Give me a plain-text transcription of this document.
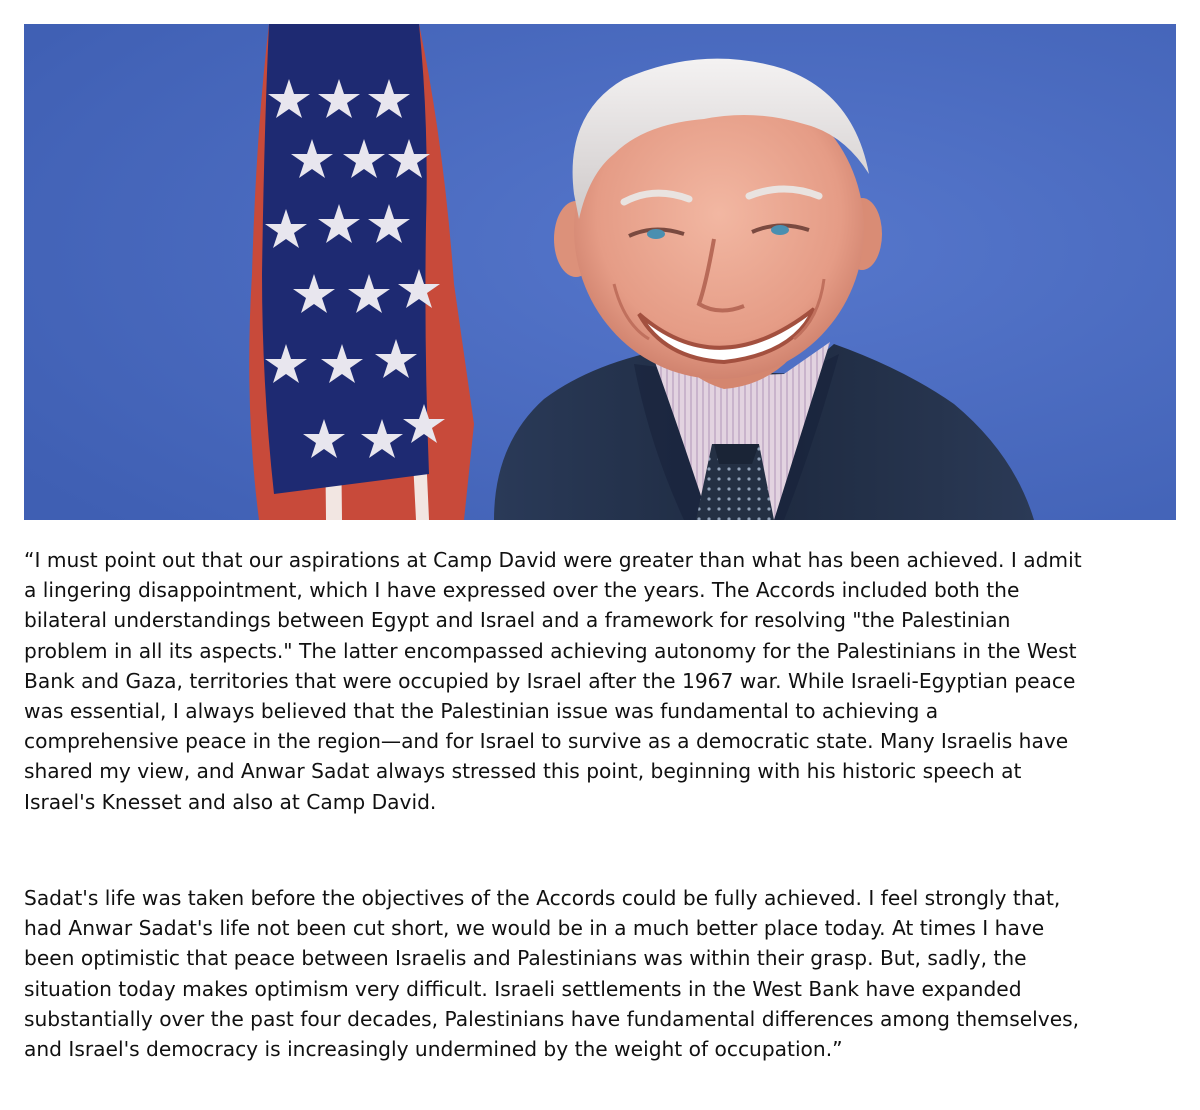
“I must point out that our aspirations at Camp David were greater than what has been achieved. I admit
a lingering disappointment, which I have expressed over the years. The Accords included both the
bilateral understandings between Egypt and Israel and a framework for resolving "the Palestinian
problem in all its aspects." The latter encompassed achieving autonomy for the Palestinians in the West
Bank and Gaza, territories that were occupied by Israel after the 1967 war. While Israeli-Egyptian peace
was essential, I always believed that the Palestinian issue was fundamental to achieving a
comprehensive peace in the region—and for Israel to survive as a democratic state. Many Israelis have
shared my view, and Anwar Sadat always stressed this point, beginning with his historic speech at
Israel's Knesset and also at Camp David.

Sadat's life was taken before the objectives of the Accords could be fully achieved. I feel strongly that,
had Anwar Sadat's life not been cut short, we would be in a much better place today. At times I have
been optimistic that peace between Israelis and Palestinians was within their grasp. But, sadly, the
situation today makes optimism very difficult. Israeli settlements in the West Bank have expanded
substantially over the past four decades, Palestinians have fundamental differences among themselves,
and Israel's democracy is increasingly undermined by the weight of occupation.”
